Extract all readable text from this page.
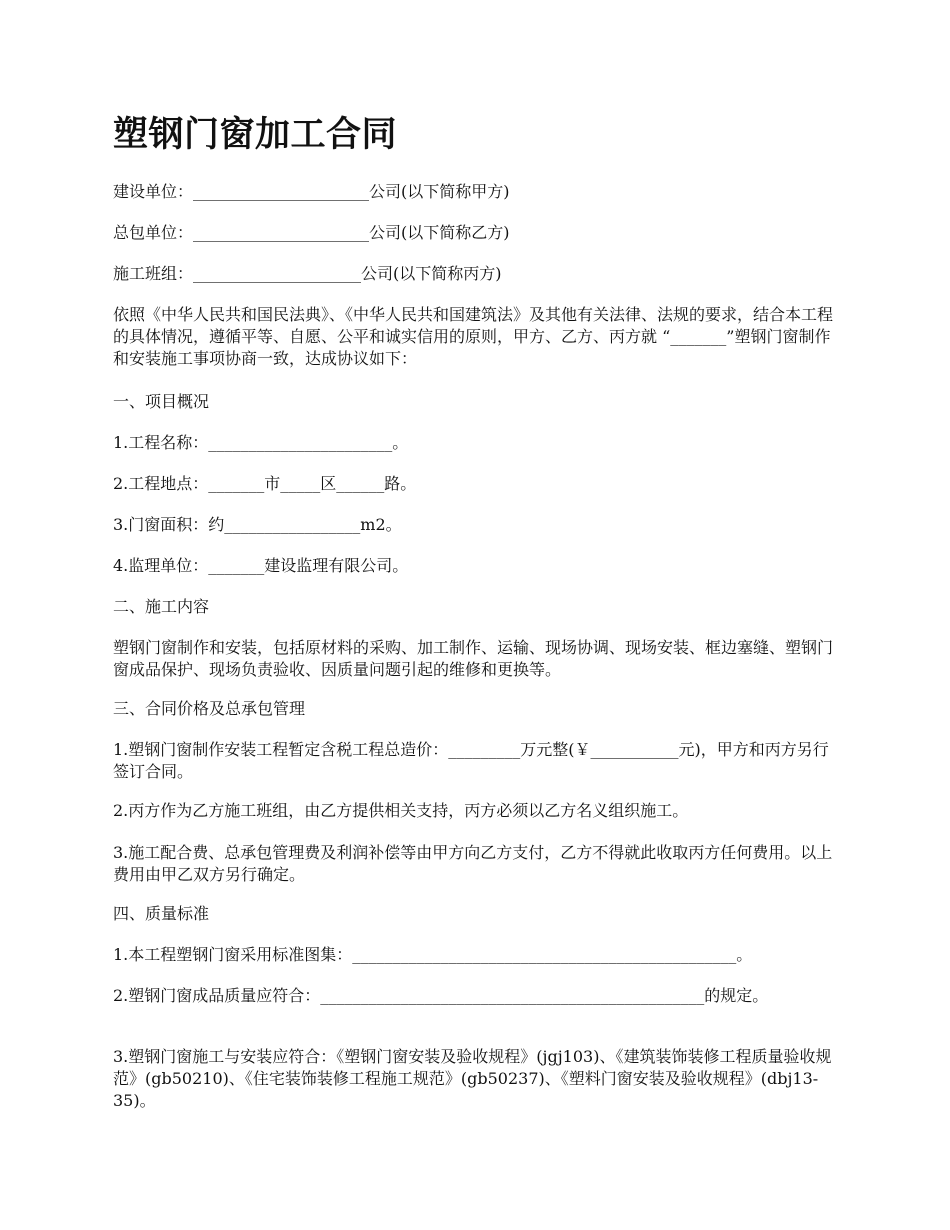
塑钢门窗加工合同

建设单位：______________________公司(以下简称甲方)

总包单位：______________________公司(以下简称乙方)

施工班组：_____________________公司(以下简称丙方)

依照《中华人民共和国民法典》、《中华人民共和国建筑法》及其他有关法律、法规的要求，结合本工程的具体情况，遵循平等、自愿、公平和诚实信用的原则，甲方、乙方、丙方就 “_______”塑钢门窗制作和安装施工事项协商一致，达成协议如下：

一、项目概况

1.工程名称：_______________________。

2.工程地点：_______市_____区______路。

3.门窗面积：约_________________m2。

4.监理单位：_______建设监理有限公司。

二、施工内容

塑钢门窗制作和安装，包括原材料的采购、加工制作、运输、现场协调、现场安装、框边塞缝、塑钢门窗成品保护、现场负责验收、因质量问题引起的维修和更换等。

三、合同价格及总承包管理

1.塑钢门窗制作安装工程暂定含税工程总造价：_________万元整(￥___________元)，甲方和丙方另行签订合同。

2.丙方作为乙方施工班组，由乙方提供相关支持，丙方必须以乙方名义组织施工。

3.施工配合费、总承包管理费及利润补偿等由甲方向乙方支付，乙方不得就此收取丙方任何费用。以上费用由甲乙双方另行确定。

四、质量标准

1.本工程塑钢门窗采用标准图集：________________________________________________。

2.塑钢门窗成品质量应符合：________________________________________________的规定。

3.塑钢门窗施工与安装应符合：《塑钢门窗安装及验收规程》(jgj103)、《建筑装饰装修工程质量验收规范》(gb50210)、《住宅装饰装修工程施工规范》(gb50237)、《塑料门窗安装及验收规程》(dbj13-35)。
